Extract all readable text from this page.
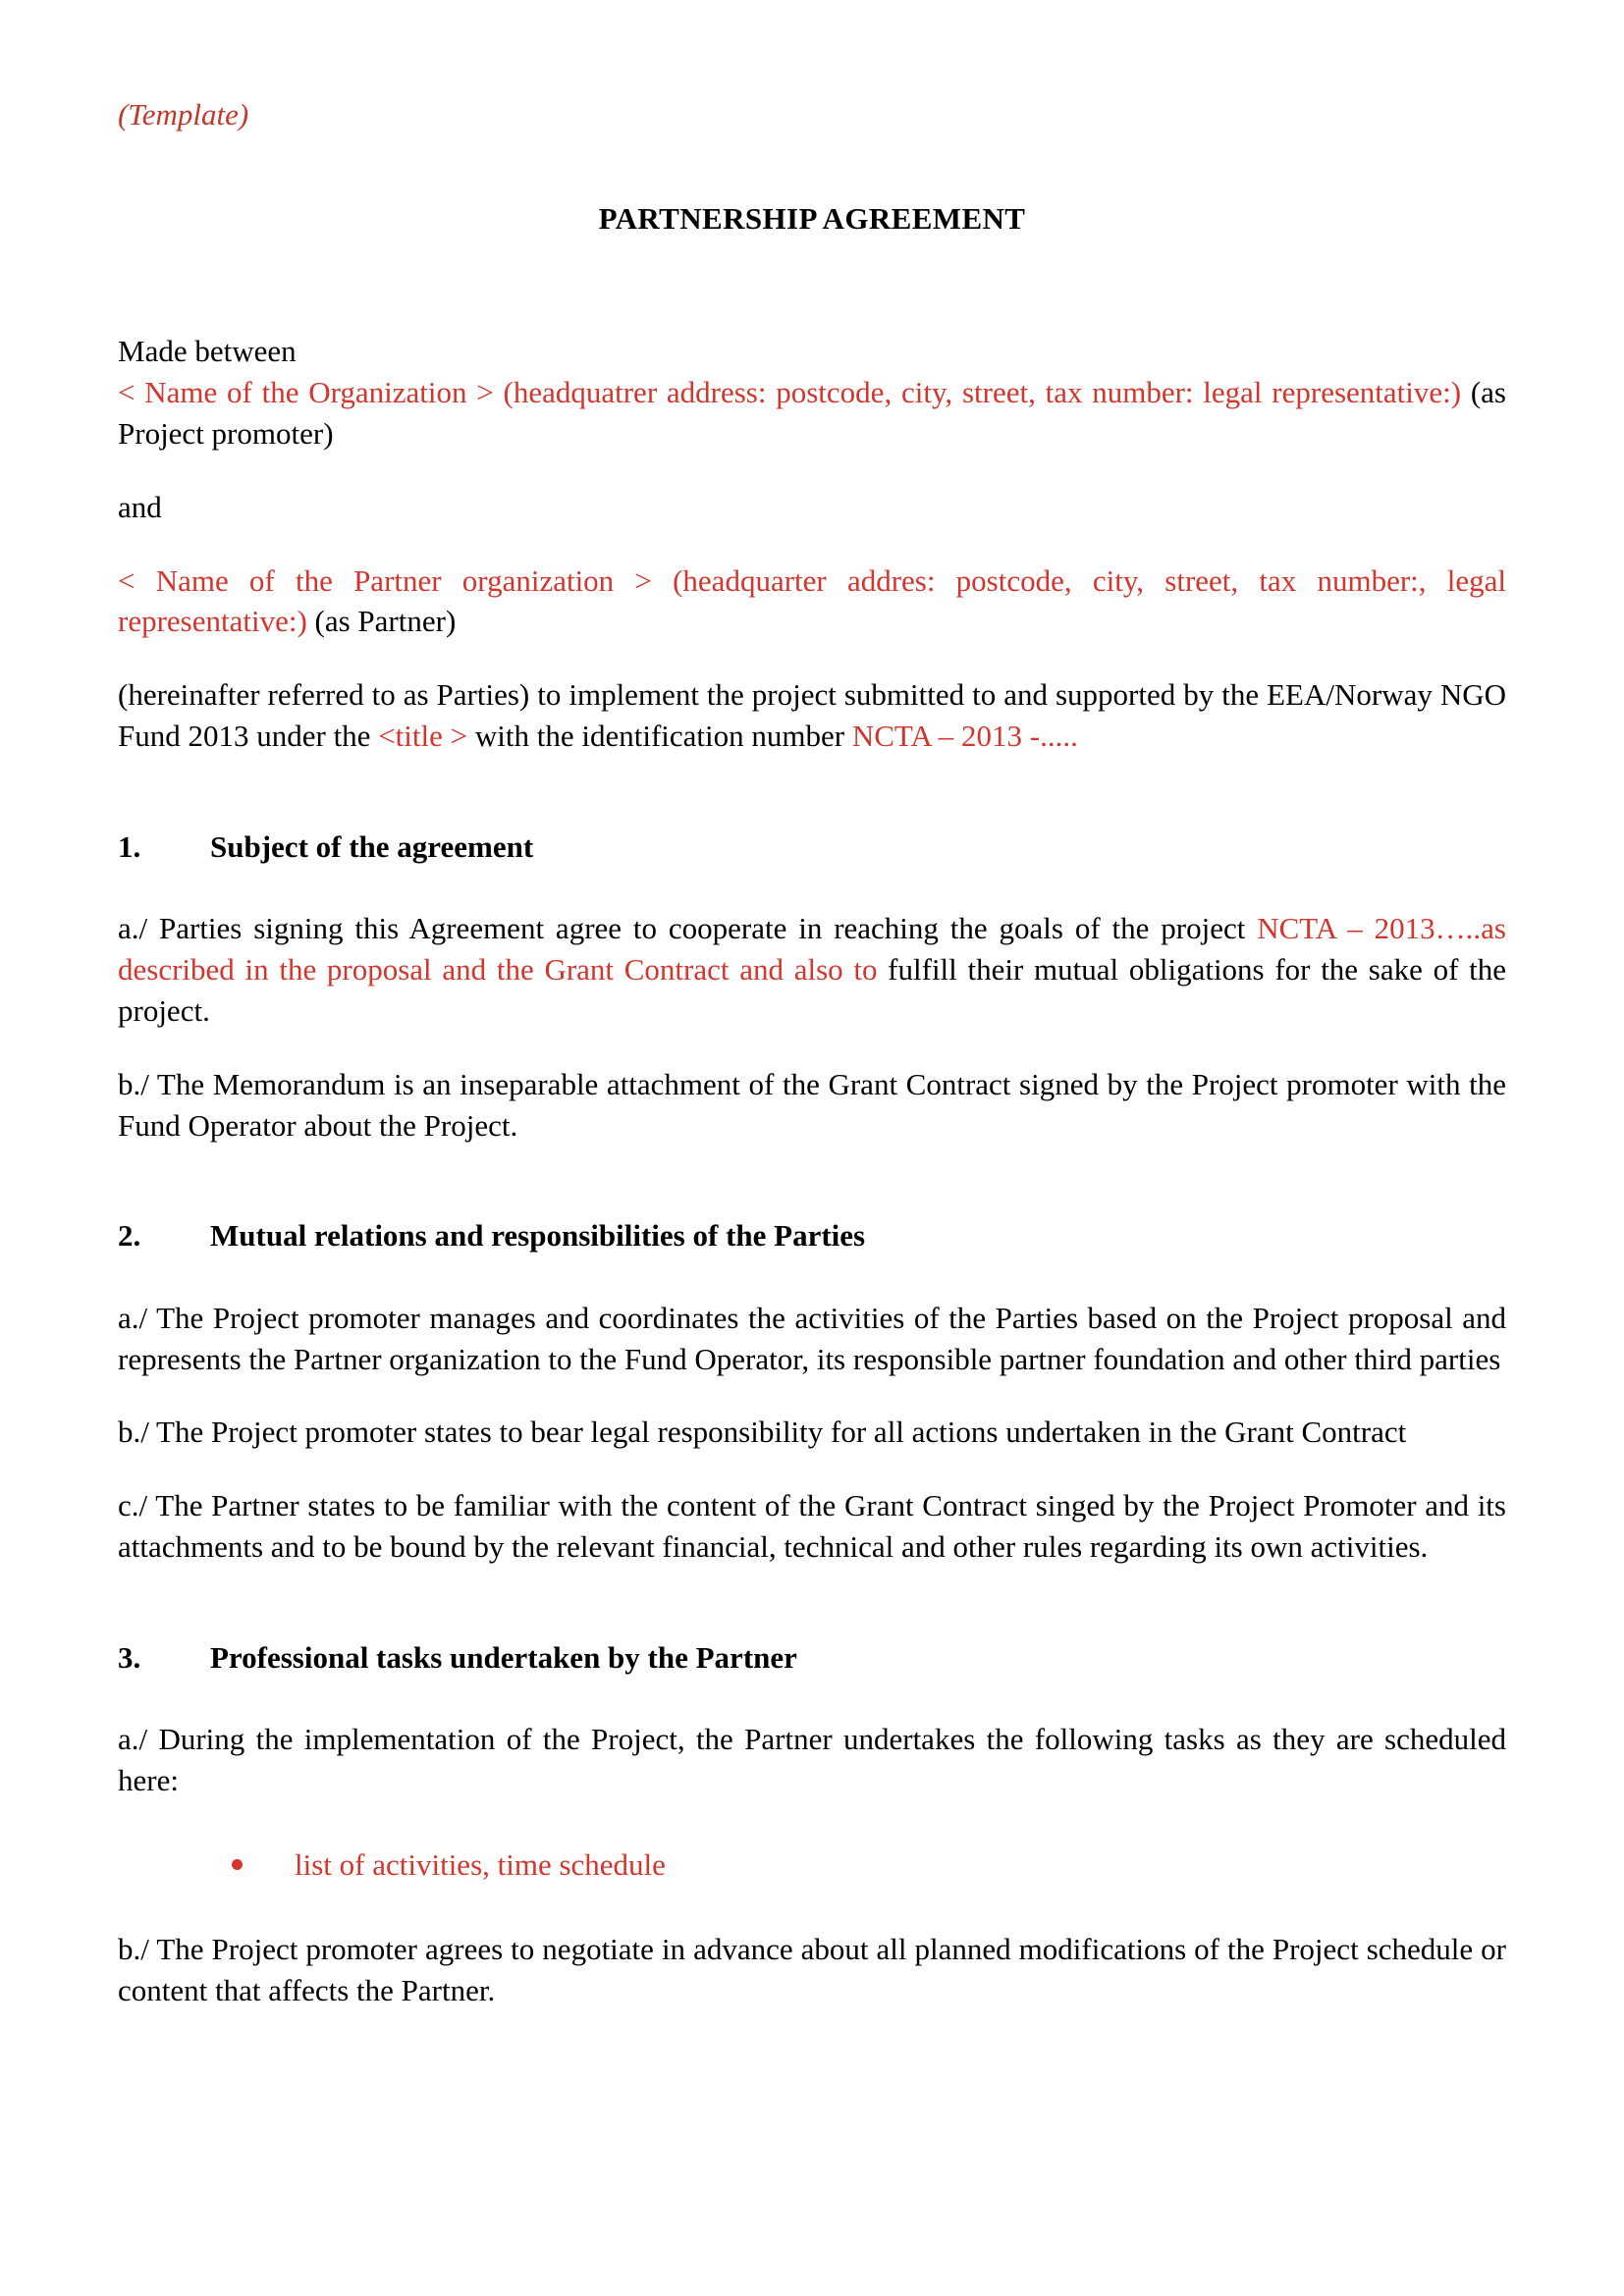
(Template)
PARTNERSHIP AGREEMENT

Made between

< Name of the Organization > (headquatrer address: postcode, city, street, tax number: legal representative:) (as Project promoter)

and

< Name of the Partner organization > (headquarter addres: postcode, city, street, tax number:, legal representative:) (as Partner)

(hereinafter referred to as Parties) to implement the project submitted to and supported by the EEA/Norway NGO Fund 2013 under the <title > with the identification number NCTA – 2013 -.....

1.	Subject of the agreement

a./ Parties signing this Agreement agree to cooperate in reaching the goals of the project NCTA – 2013…..as described in the proposal and the Grant Contract and also to fulfill their mutual obligations for the sake of the project.

b./ The Memorandum is an inseparable attachment of the Grant Contract signed by the Project promoter with the Fund Operator about the Project.

2.	Mutual relations and responsibilities of the Parties

a./ The Project promoter manages and coordinates the activities of the Parties based on the Project proposal and represents the Partner organization to the Fund Operator, its responsible partner foundation and other third parties

b./ The Project promoter states to bear legal responsibility for all actions undertaken in the Grant Contract

c./ The Partner states to be familiar with the content of the Grant Contract singed by the Project Promoter and its attachments and to be bound by the relevant financial, technical and other rules regarding its own activities.

3.	Professional tasks undertaken by the Partner

a./ During the implementation of the Project, the Partner undertakes the following tasks as they are scheduled here:

list of activities, time schedule

b./ The Project promoter agrees to negotiate in advance about all planned modifications of the Project schedule or content that affects the Partner.
